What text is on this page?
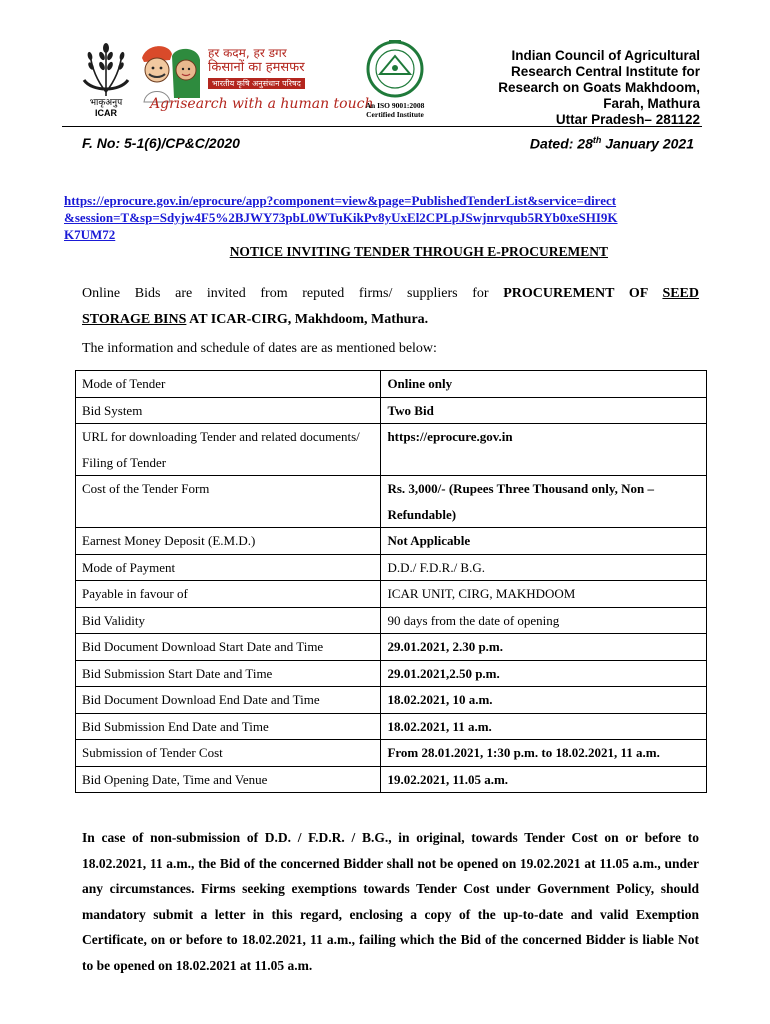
भाकृअनुप
ICAR
हर कदम, हर डगर
किसानों का हमसफर
भारतीय कृषि अनुसंधान परिषद
Agrisearch with a human touch
An ISO 9001:2008
Certified Institute
Indian Council of Agricultural
Research Central Institute for
Research on Goats Makhdoom,
Farah, Mathura
Uttar Pradesh– 281122
F. No: 5-1(6)/CP&C/2020	Dated: 28th January 2021
https://eprocure.gov.in/eprocure/app?component=view&page=PublishedTenderList&service=direct&session=T&sp=Sdyjw4F5%2BJWY73pbL0WTuKikPv8yUxEl2CPLpJSwjnrvqub5RYb0xeSHI9KK7UM72
NOTICE INVITING TENDER THROUGH E-PROCUREMENT
Online Bids are invited from reputed firms/ suppliers for PROCUREMENT OF SEED
STORAGE BINS AT ICAR-CIRG, Makhdoom, Mathura.
The information and schedule of dates are as mentioned below:
Mode of Tender	Online only
Bid System	Two Bid
URL for downloading Tender and related documents/ Filing of Tender	https://eprocure.gov.in
Cost of the Tender Form	Rs. 3,000/- (Rupees Three Thousand only, Non – Refundable)
Earnest Money Deposit (E.M.D.)	Not Applicable
Mode of Payment	D.D./ F.D.R./ B.G.
Payable in favour of	ICAR UNIT, CIRG, MAKHDOOM
Bid Validity	90 days from the date of opening
Bid Document Download Start Date and Time	29.01.2021, 2.30 p.m.
Bid Submission Start Date and Time	29.01.2021,2.50 p.m.
Bid Document Download End Date and Time	18.02.2021, 10 a.m.
Bid Submission End Date and Time	18.02.2021, 11 a.m.
Submission of Tender Cost	From 28.01.2021, 1:30 p.m. to 18.02.2021, 11 a.m.
Bid Opening Date, Time and Venue	19.02.2021, 11.05 a.m.
In case of non-submission of D.D. / F.D.R. / B.G., in original, towards Tender Cost on or before to 18.02.2021, 11 a.m., the Bid of the concerned Bidder shall not be opened on 19.02.2021 at 11.05 a.m., under any circumstances. Firms seeking exemptions towards Tender Cost under Government Policy, should mandatory submit a letter in this regard, enclosing a copy of the up-to-date and valid Exemption Certificate, on or before to 18.02.2021, 11 a.m., failing which the Bid of the concerned Bidder is liable Not to be opened on 18.02.2021 at 11.05 a.m.
